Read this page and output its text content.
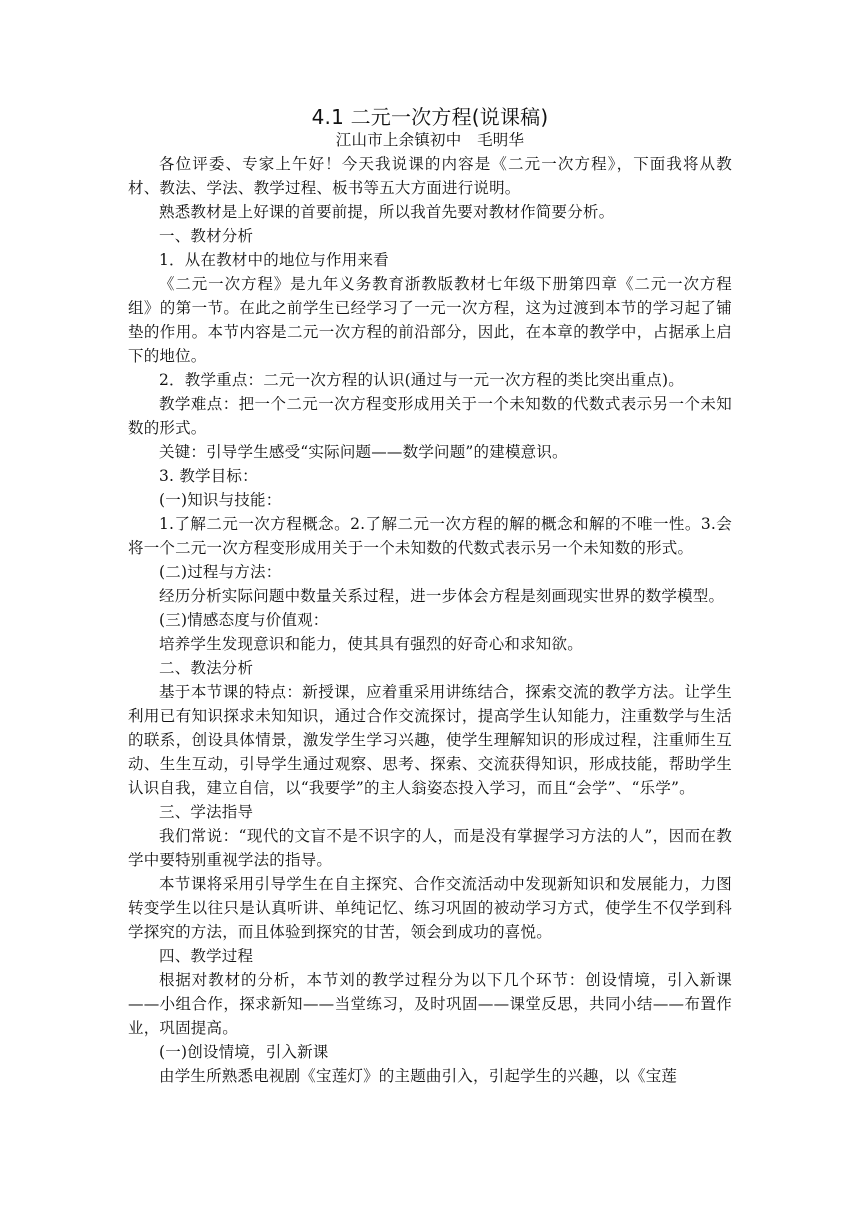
4.1 二元一次方程(说课稿)

江山市上余镇初中　毛明华

各位评委、专家上午好！今天我说课的内容是《二元一次方程》，下面我将从教材、教法、学法、教学过程、板书等五大方面进行说明。

熟悉教材是上好课的首要前提，所以我首先要对教材作简要分析。

一、教材分析

1．从在教材中的地位与作用来看

《二元一次方程》是九年义务教育浙教版教材七年级下册第四章《二元一次方程组》的第一节。在此之前学生已经学习了一元一次方程，这为过渡到本节的学习起了铺垫的作用。本节内容是二元一次方程的前沿部分，因此，在本章的教学中，占据承上启下的地位。

2．教学重点：二元一次方程的认识(通过与一元一次方程的类比突出重点)。

教学难点：把一个二元一次方程变形成用关于一个未知数的代数式表示另一个未知数的形式。

关键：引导学生感受“实际问题——数学问题”的建模意识。

3. 教学目标：

(一)知识与技能：

1.了解二元一次方程概念。2.了解二元一次方程的解的概念和解的不唯一性。3.会将一个二元一次方程变形成用关于一个未知数的代数式表示另一个未知数的形式。

(二)过程与方法：

经历分析实际问题中数量关系过程，进一步体会方程是刻画现实世界的数学模型。

(三)情感态度与价值观：

培养学生发现意识和能力，使其具有强烈的好奇心和求知欲。

二、教法分析

基于本节课的特点：新授课，应着重采用讲练结合，探索交流的教学方法。让学生利用已有知识探求未知知识，通过合作交流探讨，提高学生认知能力，注重数学与生活的联系，创设具体情景，激发学生学习兴趣，使学生理解知识的形成过程，注重师生互动、生生互动，引导学生通过观察、思考、探索、交流获得知识，形成技能，帮助学生认识自我，建立自信，以“我要学”的主人翁姿态投入学习，而且“会学”、“乐学”。

三、学法指导

我们常说：“现代的文盲不是不识字的人，而是没有掌握学习方法的人”，因而在教学中要特别重视学法的指导。

本节课将采用引导学生在自主探究、合作交流活动中发现新知识和发展能力，力图转变学生以往只是认真听讲、单纯记忆、练习巩固的被动学习方式，使学生不仅学到科学探究的方法，而且体验到探究的甘苦，领会到成功的喜悦。

四、教学过程

根据对教材的分析，本节刘的教学过程分为以下几个环节：创设情境，引入新课——小组合作，探求新知——当堂练习，及时巩固——课堂反思，共同小结——布置作业，巩固提高。

(一)创设情境，引入新课

由学生所熟悉电视剧《宝莲灯》的主题曲引入，引起学生的兴趣，以《宝莲
